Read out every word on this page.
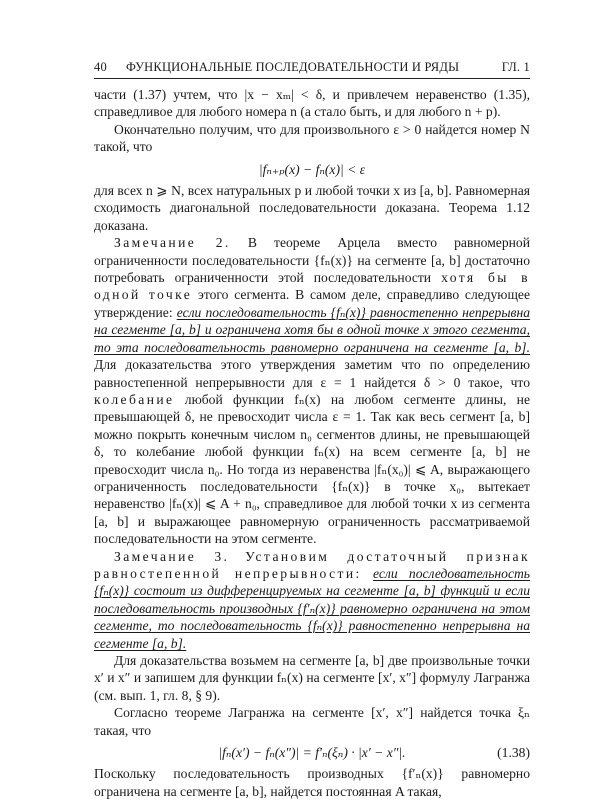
40 ФУНКЦИОНАЛЬНЫЕ ПОСЛЕДОВАТЕЛЬНОСТИ И РЯДЫ	ГЛ. 1

части (1.37) учтем, что |x − xₘ| < δ, и привлечем неравенство (1.35), справедливое для любого номера n (а стало быть, и для любого n + p).

Окончательно получим, что для произвольного ε > 0 найдется номер N такой, что

|fₙ₊ₚ(x) − fₙ(x)| < ε

для всех n ⩾ N, всех натуральных p и любой точки x из [a, b]. Равномерная сходимость диагональной последовательности доказана. Теорема 1.12 доказана.

Замечание 2. В теореме Арцела вместо равномерной ограниченности последовательности {fₙ(x)} на сегменте [a, b] достаточно потребовать ограниченности этой последовательности хотя бы в одной точке этого сегмента. В самом деле, справедливо следующее утверждение: если последовательность {fₙ(x)} равностепенно непрерывна на сегменте [a, b] и ограничена хотя бы в одной точке x этого сегмента, то эта последовательность равномерно ограничена на сегменте [a, b]. Для доказательства этого утверждения заметим что по определению равностепенной непрерывности для ε = 1 найдется δ > 0 такое, что колебание любой функции fₙ(x) на любом сегменте длины, не превышающей δ, не превосходит числа ε = 1. Так как весь сегмент [a, b] можно покрыть конечным числом n₀ сегментов длины, не превышающей δ, то колебание любой функции fₙ(x) на всем сегменте [a, b] не превосходит числа n₀. Но тогда из неравенства |fₙ(x₀)| ⩽ A, выражающего ограниченность последовательности {fₙ(x)} в точке x₀, вытекает неравенство |fₙ(x)| ⩽ A + n₀, справедливое для любой точки x из сегмента [a, b] и выражающее равномерную ограниченность рассматриваемой последовательности на этом сегменте.

Замечание 3. Установим достаточный признак равностепенной непрерывности: если последовательность {fₙ(x)} состоит из дифференцируемых на сегменте [a, b] функций и если последовательность производных {f′ₙ(x)} равномерно ограничена на этом сегменте, то последовательность {fₙ(x)} равностепенно непрерывна на сегменте [a, b].

Для доказательства возьмем на сегменте [a, b] две произвольные точки x′ и x″ и запишем для функции fₙ(x) на сегменте [x′, x″] формулу Лагранжа (см. вып. 1, гл. 8, § 9).

Согласно теореме Лагранжа на сегменте [x′, x″] найдется точка ξₙ такая, что

|fₙ(x′) − fₙ(x″)| = f′ₙ(ξₙ) · |x′ − x″|.	(1.38)

Поскольку последовательность производных {f′ₙ(x)} равномерно ограничена на сегменте [a, b], найдется постоянная A такая,
